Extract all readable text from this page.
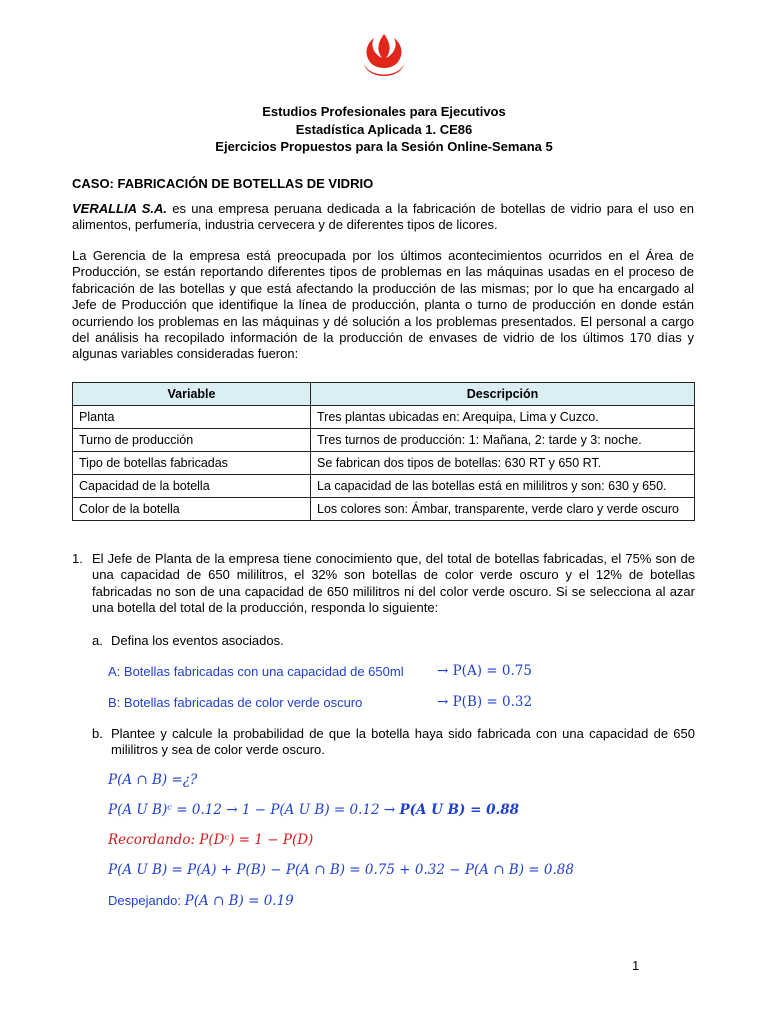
Estudios Profesionales para Ejecutivos
Estadística Aplicada 1. CE86
Ejercicios Propuestos para la Sesión Online-Semana 5
CASO: FABRICACIÓN DE BOTELLAS DE VIDRIO
VERALLIA S.A. es una empresa peruana dedicada a la fabricación de botellas de vidrio para el uso en alimentos, perfumería, industria cervecera y de diferentes tipos de licores.
La Gerencia de la empresa está preocupada por los últimos acontecimientos ocurridos en el Área de Producción, se están reportando diferentes tipos de problemas en las máquinas usadas en el proceso de fabricación de las botellas y que está afectando la producción de las mismas; por lo que ha encargado al Jefe de Producción que identifique la línea de producción, planta o turno de producción en donde están ocurriendo los problemas en las máquinas y dé solución a los problemas presentados. El personal a cargo del análisis ha recopilado información de la producción de envases de vidrio de los últimos 170 días y algunas variables consideradas fueron:
Variable	Descripción
Planta	Tres plantas ubicadas en: Arequipa, Lima y Cuzco.
Turno de producción	Tres turnos de producción: 1: Mañana, 2: tarde y 3: noche.
Tipo de botellas fabricadas	Se fabrican dos tipos de botellas: 630 RT y 650 RT.
Capacidad de la botella	La capacidad de las botellas está en mililitros y son: 630 y 650.
Color de la botella	Los colores son: Ámbar, transparente, verde claro y verde oscuro
1. El Jefe de Planta de la empresa tiene conocimiento que, del total de botellas fabricadas, el 75% son de una capacidad de 650 mililitros, el 32% son botellas de color verde oscuro y el 12% de botellas fabricadas no son de una capacidad de 650 mililitros ni del color verde oscuro. Si se selecciona al azar una botella del total de la producción, responda lo siguiente:
a. Defina los eventos asociados.
A: Botellas fabricadas con una capacidad de 650ml → P(A) = 0.75
B: Botellas fabricadas de color verde oscuro	→ P(B) = 0.32
b. Plantee y calcule la probabilidad de que la botella haya sido fabricada con una capacidad de 650 mililitros y sea de color verde oscuro.
P(A ∩ B) =¿?
P(A U B)ᶜ = 0.12 → 1 − P(A U B) = 0.12 → P(A U B) = 0.88
Recordando: P(Dᶜ) = 1 − P(D)
P(A U B) = P(A) + P(B) − P(A ∩ B) = 0.75 + 0.32 − P(A ∩ B) = 0.88
Despejando: P(A ∩ B) = 0.19
1
